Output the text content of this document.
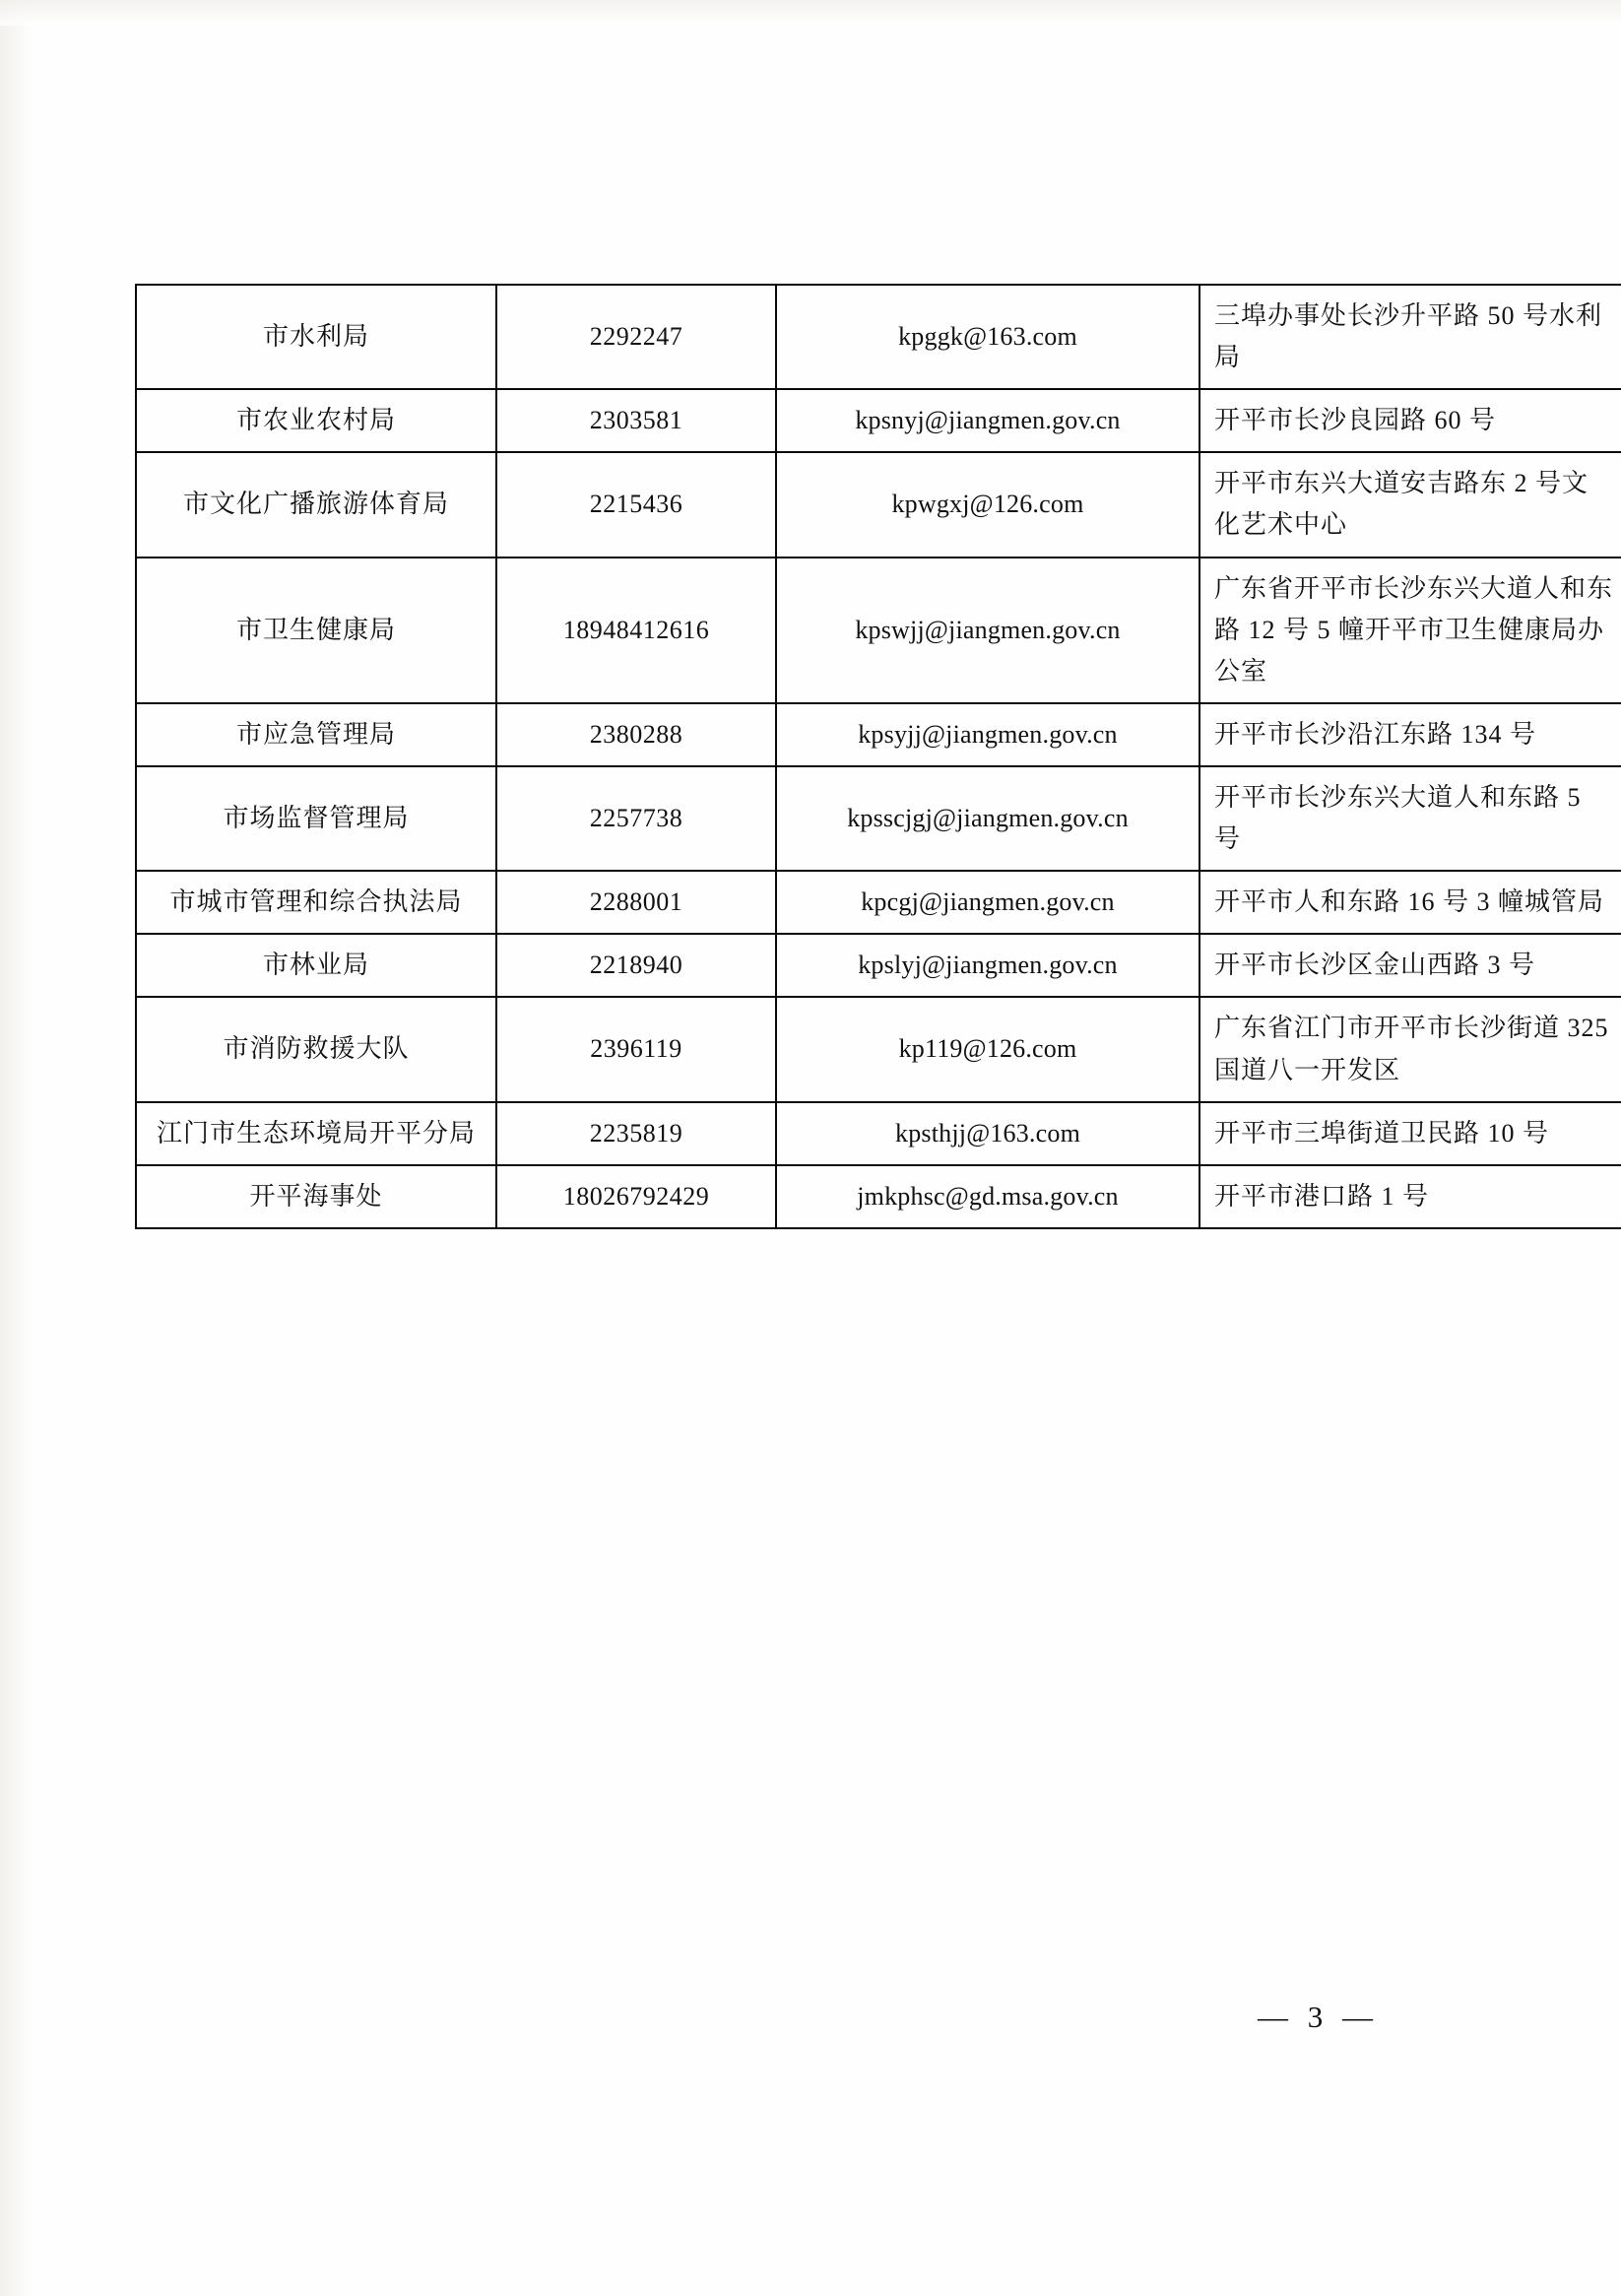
市水利局	2292247	kpggk@163.com	三埠办事处长沙升平路 50 号水利局
市农业农村局	2303581	kpsnyj@jiangmen.gov.cn	开平市长沙良园路 60 号
市文化广播旅游体育局	2215436	kpwgxj@126.com	开平市东兴大道安吉路东 2 号文化艺术中心
市卫生健康局	18948412616	kpswjj@jiangmen.gov.cn	广东省开平市长沙东兴大道人和东路 12 号 5 幢开平市卫生健康局办公室
市应急管理局	2380288	kpsyjj@jiangmen.gov.cn	开平市长沙沿江东路 134 号
市场监督管理局	2257738	kpsscjgj@jiangmen.gov.cn	开平市长沙东兴大道人和东路 5 号
市城市管理和综合执法局	2288001	kpcgj@jiangmen.gov.cn	开平市人和东路 16 号 3 幢城管局
市林业局	2218940	kpslyj@jiangmen.gov.cn	开平市长沙区金山西路 3 号
市消防救援大队	2396119	kp119@126.com	广东省江门市开平市长沙街道 325 国道八一开发区
江门市生态环境局开平分局	2235819	kpsthjj@163.com	开平市三埠街道卫民路 10 号
开平海事处	18026792429	jmkphsc@gd.msa.gov.cn	开平市港口路 1 号
— 3 —
